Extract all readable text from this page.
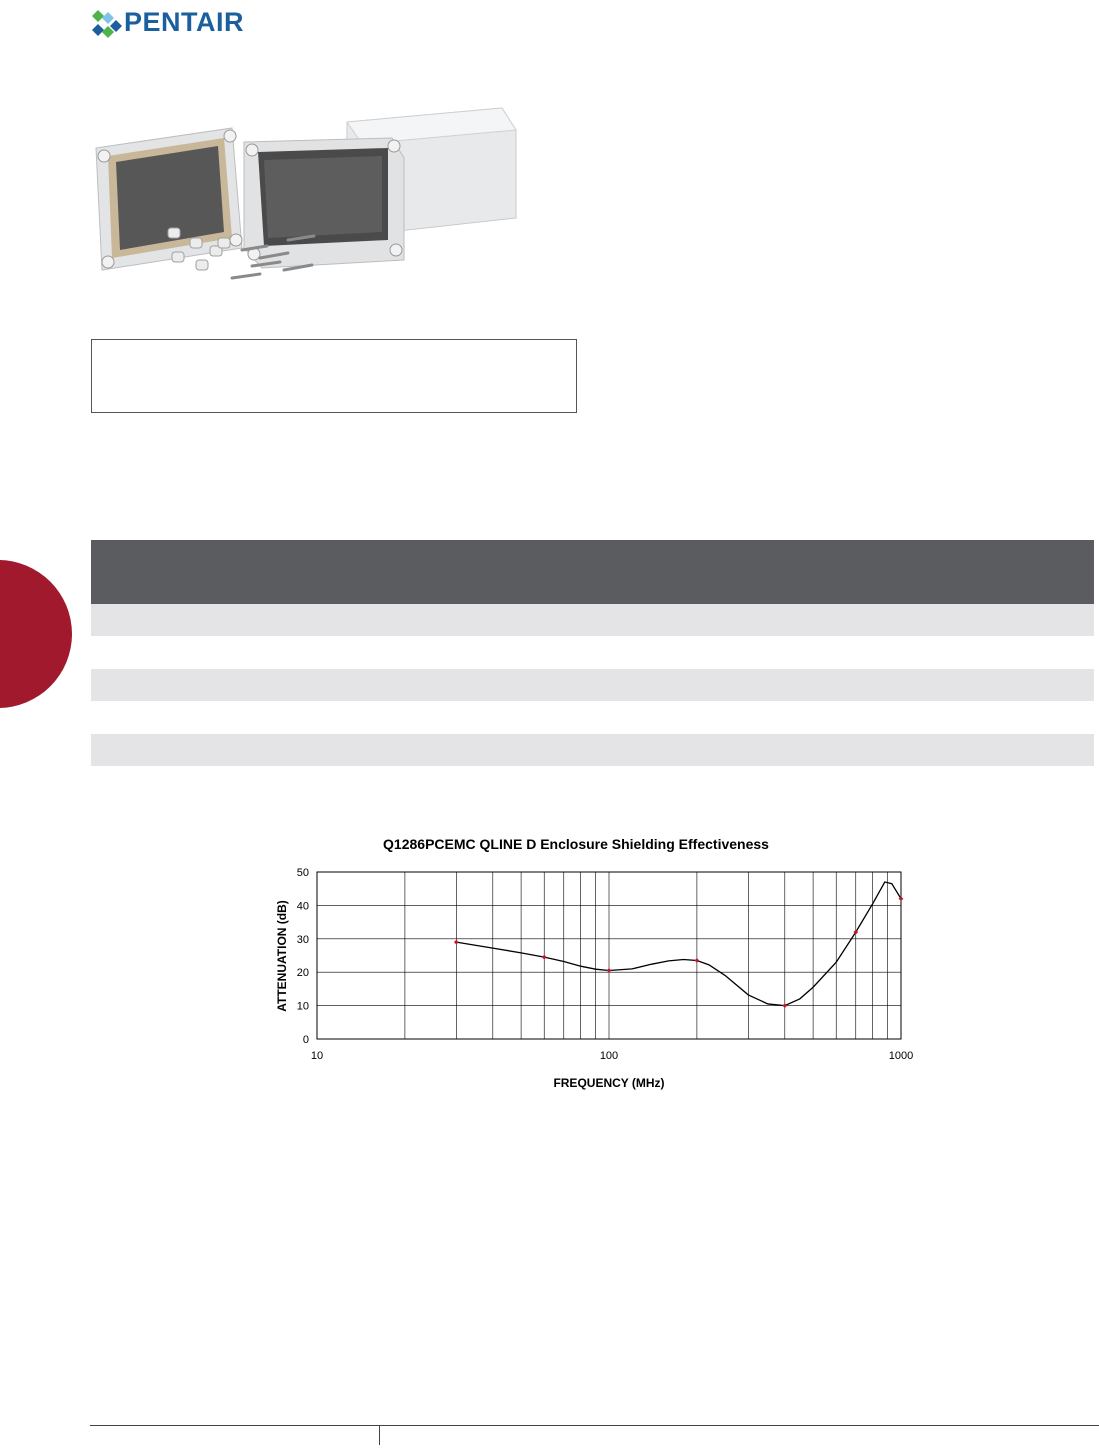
PENTAIR
Q1286PCEMC QLINE D Enclosure Shielding Effectiveness
0
10
20
30
40
50
10	100	1000
FREQUENCY (MHz)
ATTENUATION (dB)
